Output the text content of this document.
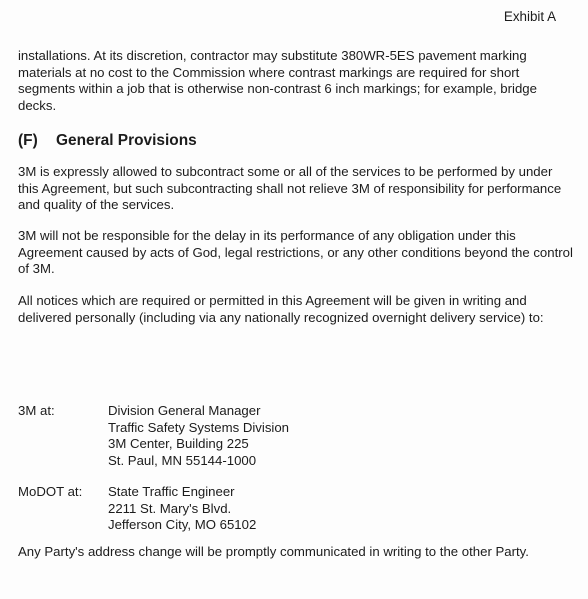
Exhibit A

installations. At its discretion, contractor may substitute 380WR-5ES pavement marking materials at no cost to the Commission where contrast markings are required for short segments within a job that is otherwise non-contrast 6 inch markings; for example, bridge decks.

(F) General Provisions

3M is expressly allowed to subcontract some or all of the services to be performed by under this Agreement, but such subcontracting shall not relieve 3M of responsibility for performance and quality of the services.

3M will not be responsible for the delay in its performance of any obligation under this Agreement caused by acts of God, legal restrictions, or any other conditions beyond the control of 3M.

All notices which are required or permitted in this Agreement will be given in writing and delivered personally (including via any nationally recognized overnight delivery service) to:

3M at:	Division General Manager
Traffic Safety Systems Division
3M Center, Building 225
St. Paul, MN 55144-1000
MoDOT at: State Traffic Engineer
2211 St. Mary's Blvd.
Jefferson City, MO 65102

Any Party's address change will be promptly communicated in writing to the other Party.
